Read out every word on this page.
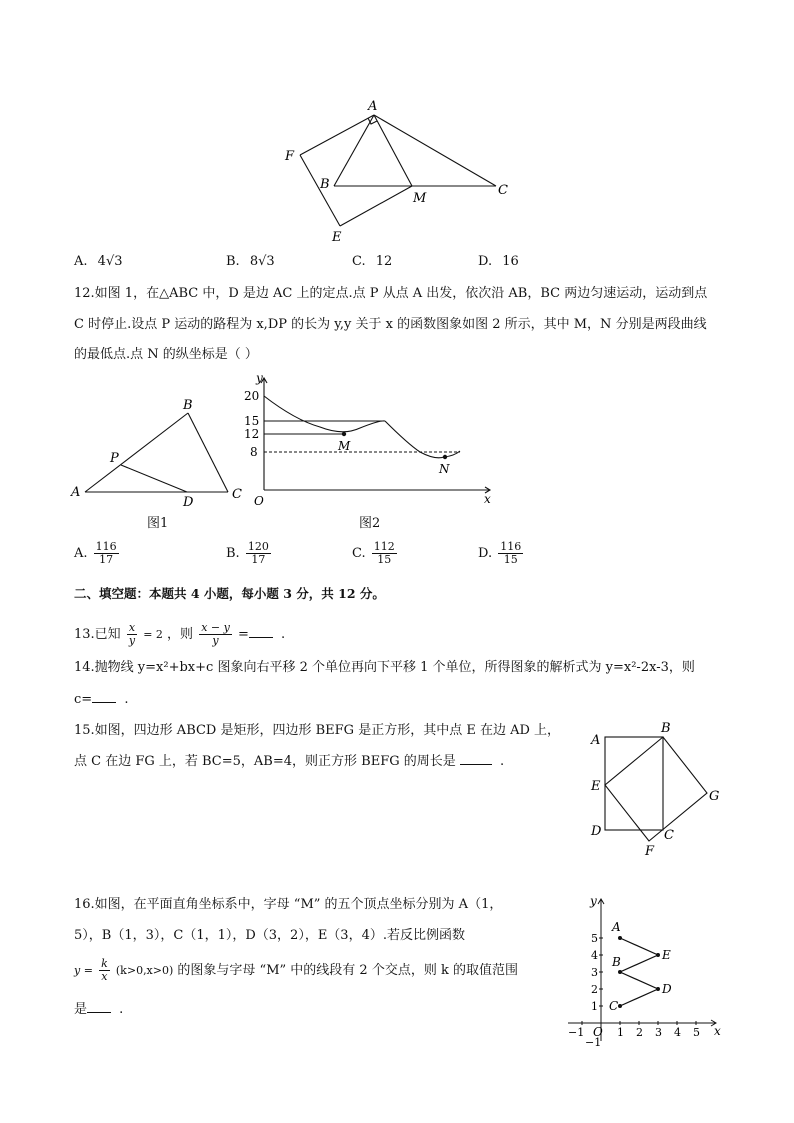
A
B	C
E
F
M
A. 4√3	B. 8√3	C. 12	D. 16
12.如图 1，在△ABC 中，D 是边 AC 上的定点.点 P 从点 A 出发，依次沿 AB，BC 两边匀速运动，运动到点
C 时停止.设点 P 运动的路程为 x,DP 的长为 y,y 关于 x 的函数图象如图 2 所示，其中 M，N 分别是两段曲线
的最低点.点 N 的纵坐标是（ ）
A
B
C
D
P
图1
y
x
O
20
15
12
8	M
N
图2
A. $\frac{116}{17}$	B. $\frac{120}{17}$	C. $\frac{112}{15}$	D. $\frac{116}{15}$
二、填空题：本题共 4 小题，每小题 3 分，共 12 分。
13.已知 $\frac{x}{y} = 2$ ，则 $\frac{x - y}{y}$ = .
14.抛物线 y=x²+bx+c 图象向右平移 2 个单位再向下平移 1 个单位，所得图象的解析式为 y=x²-2x-3，则
c= .
15.如图，四边形 ABCD 是矩形，四边形 BEFG 是正方形，其中点 E 在边 AD 上，
点 C 在边 FG 上，若 BC=5，AB=4，则正方形 BEFG 的周长是	.
A
B
C
D
E
F
G
16.如图，在平面直角坐标系中，字母 “M” 的五个顶点坐标分别为 A（1，
5），B（1，3），C（1，1），D（3，2），E（3，4）.若反比例函数
$y = \frac{k}{x} (k>0,x>0)$ 的图象与字母 “M” 中的线段有 2 个交点，则 k 的取值范围
是 .
y
x
O
−1	1 2 3 4 5
1
2
3
4
5
−1
A
B
C
D
E
